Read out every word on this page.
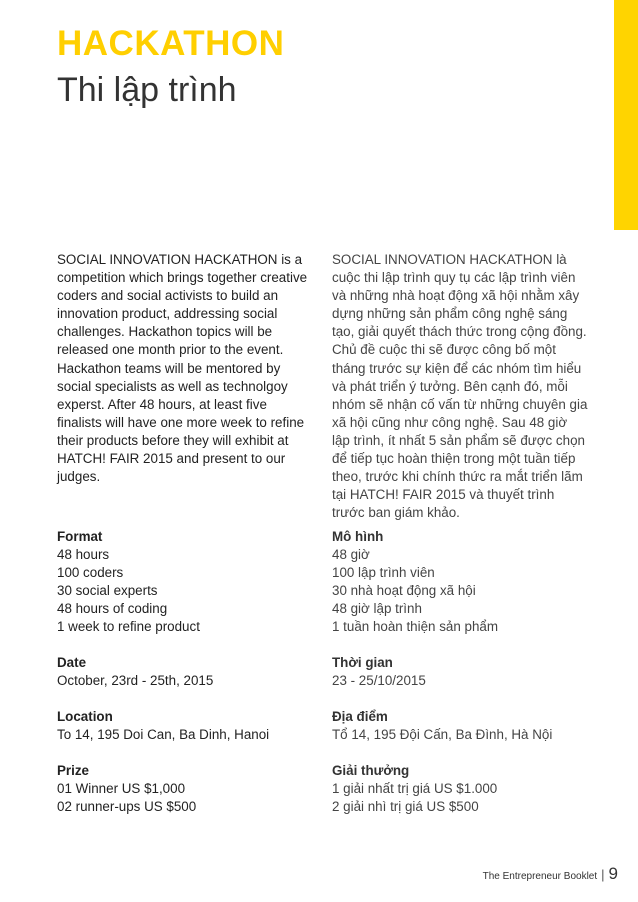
HACKATHON
Thi lập trình
SOCIAL INNOVATION HACKATHON is a competition which brings together creative coders and social activists to build an innovation product, addressing social challenges. Hackathon topics will be released one month prior to the event. Hackathon teams will be mentored by social specialists as well as technolgoy experst. After 48 hours, at least five finalists will have one more week to refine their products before they will exhibit at HATCH! FAIR 2015 and present to our judges.
SOCIAL INNOVATION HACKATHON là cuộc thi lập trình quy tụ các lập trình viên và những nhà hoạt động xã hội nhằm xây dựng những sản phẩm công nghệ sáng tạo, giải quyết thách thức trong cộng đồng. Chủ đề cuộc thi sẽ được công bố một tháng trước sự kiện để các nhóm tìm hiểu và phát triển ý tưởng. Bên cạnh đó, mỗi nhóm sẽ nhận cố vấn từ những chuyên gia xã hội cũng như công nghệ. Sau 48 giờ lập trình, ít nhất 5 sản phẩm sẽ được chọn để tiếp tục hoàn thiện trong một tuần tiếp theo, trước khi chính thức ra mắt triển lãm tại HATCH! FAIR 2015 và thuyết trình trước ban giám khảo.
Format
48 hours
100 coders
30 social experts
48 hours of coding
1 week to refine product
Date
October, 23rd - 25th, 2015
Location
To 14, 195 Doi Can, Ba Dinh, Hanoi
Prize
01 Winner US $1,000
02 runner-ups US $500
Mô hình
48 giờ
100 lập trình viên
30 nhà hoạt động xã hội
48 giờ lập trình
1 tuần hoàn thiện sản phẩm
Thời gian
23 - 25/10/2015
Địa điểm
Tổ 14, 195 Đội Cấn, Ba Đình, Hà Nội
Giải thưởng
1 giải nhất trị giá US $1.000
2 giải nhì trị giá US $500
The Entrepreneur Booklet | 9
